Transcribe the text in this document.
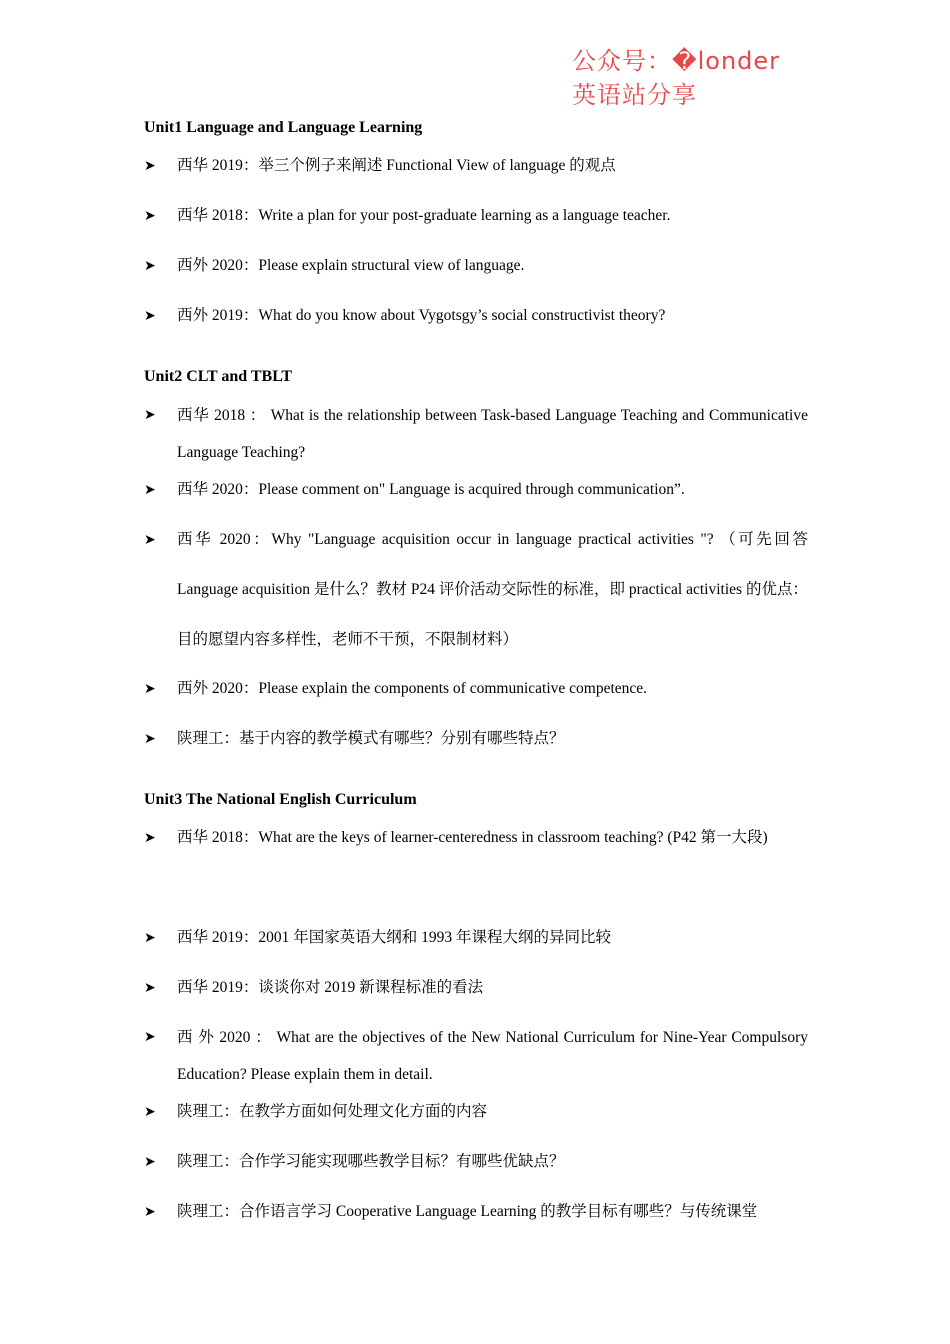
公众号：�londer
英语站分享
Unit1 Language and Language Learning
➤	西华 2019：举三个例子来阐述 Functional View of language 的观点
➤	西华 2018：Write a plan for your post-graduate learning as a language teacher.
➤	西外 2020：Please explain structural view of language.
➤	西外 2019：What do you know about Vygotsgy’s social constructivist theory?
Unit2 CLT and TBLT
➤	西华 2018 ： What is the relationship between Task-based Language Teaching and Communicative Language Teaching?
➤	西华 2020：Please comment on" Language is acquired through communication”.
➤	西华 2020：Why "Language acquisition occur in language practical activities "? （可先回答 Language acquisition 是什么？教材 P24 评价活动交际性的标准，即 practical activities 的优点：目的愿望内容多样性，老师不干预，不限制材料）
➤	西外 2020：Please explain the components of communicative competence.
➤	陕理工：基于内容的教学模式有哪些？分别有哪些特点？
Unit3 The National English Curriculum
➤	西华 2018：What are the keys of learner-centeredness in classroom teaching? (P42 第一大段)
➤	西华 2019：2001 年国家英语大纲和 1993 年课程大纲的异同比较
➤	西华 2019：谈谈你对 2019 新课程标准的看法
➤	西 外 2020 ： What are the objectives of the New National Curriculum for Nine-Year Compulsory Education? Please explain them in detail.
➤	陕理工：在教学方面如何处理文化方面的内容
➤	陕理工：合作学习能实现哪些教学目标？有哪些优缺点？
➤	陕理工：合作语言学习 Cooperative Language Learning 的教学目标有哪些？与传统课堂
